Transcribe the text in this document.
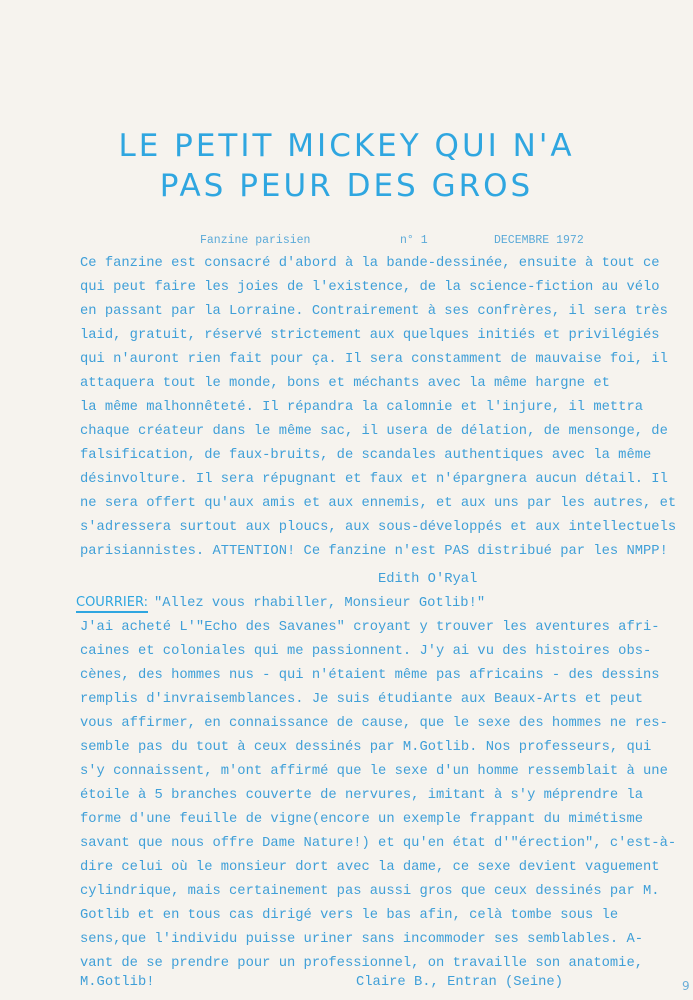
LE PETIT MICKEY QUI N'A
PAS PEUR DES GROS
Fanzine parisien	n° 1	DECEMBRE 1972
Ce fanzine est consacré d'abord à la bande-dessinée, ensuite à tout ce
qui peut faire les joies de l'existence, de la science-fiction au vélo
en passant par la Lorraine. Contrairement à ses confrères, il sera très
laid, gratuit, réservé strictement aux quelques initiés et privilégiés
qui n'auront rien fait pour ça. Il sera constamment de mauvaise foi, il
attaquera tout le monde, bons et méchants avec la même hargne et
la même malhonnêteté. Il répandra la calomnie et l'injure, il mettra
chaque créateur dans le même sac, il usera de délation, de mensonge, de
falsification, de faux-bruits, de scandales authentiques avec la même
désinvolture. Il sera répugnant et faux et n'épargnera aucun détail. Il
ne sera offert qu'aux amis et aux ennemis, et aux uns par les autres, et
s'adressera surtout aux ploucs, aux sous-développés et aux intellectuels
parisiannistes. ATTENTION! Ce fanzine n'est PAS distribué par les NMPP!
Edith O'Ryal
COURRIER: "Allez vous rhabiller, Monsieur Gotlib!"
J'ai acheté L'"Echo des Savanes" croyant y trouver les aventures afri-
caines et coloniales qui me passionnent. J'y ai vu des histoires obs-
cènes, des hommes nus - qui n'étaient même pas africains - des dessins
remplis d'invraisemblances. Je suis étudiante aux Beaux-Arts et peut
vous affirmer, en connaissance de cause, que le sexe des hommes ne res-
semble pas du tout à ceux dessinés par M.Gotlib. Nos professeurs, qui
s'y connaissent, m'ont affirmé que le sexe d'un homme ressemblait à une
étoile à 5 branches couverte de nervures, imitant à s'y méprendre la
forme d'une feuille de vigne(encore un exemple frappant du mimétisme
savant que nous offre Dame Nature!) et qu'en état d'"érection", c'est-à-
dire celui où le monsieur dort avec la dame, ce sexe devient vaguement
cylindrique, mais certainement pas aussi gros que ceux dessinés par M.
Gotlib et en tous cas dirigé vers le bas afin, celà tombe sous le
sens,que l'individu puisse uriner sans incommoder ses semblables. A-
vant de se prendre pour un professionnel, on travaille son anatomie,
M.Gotlib!	Claire B., Entran (Seine)	9
